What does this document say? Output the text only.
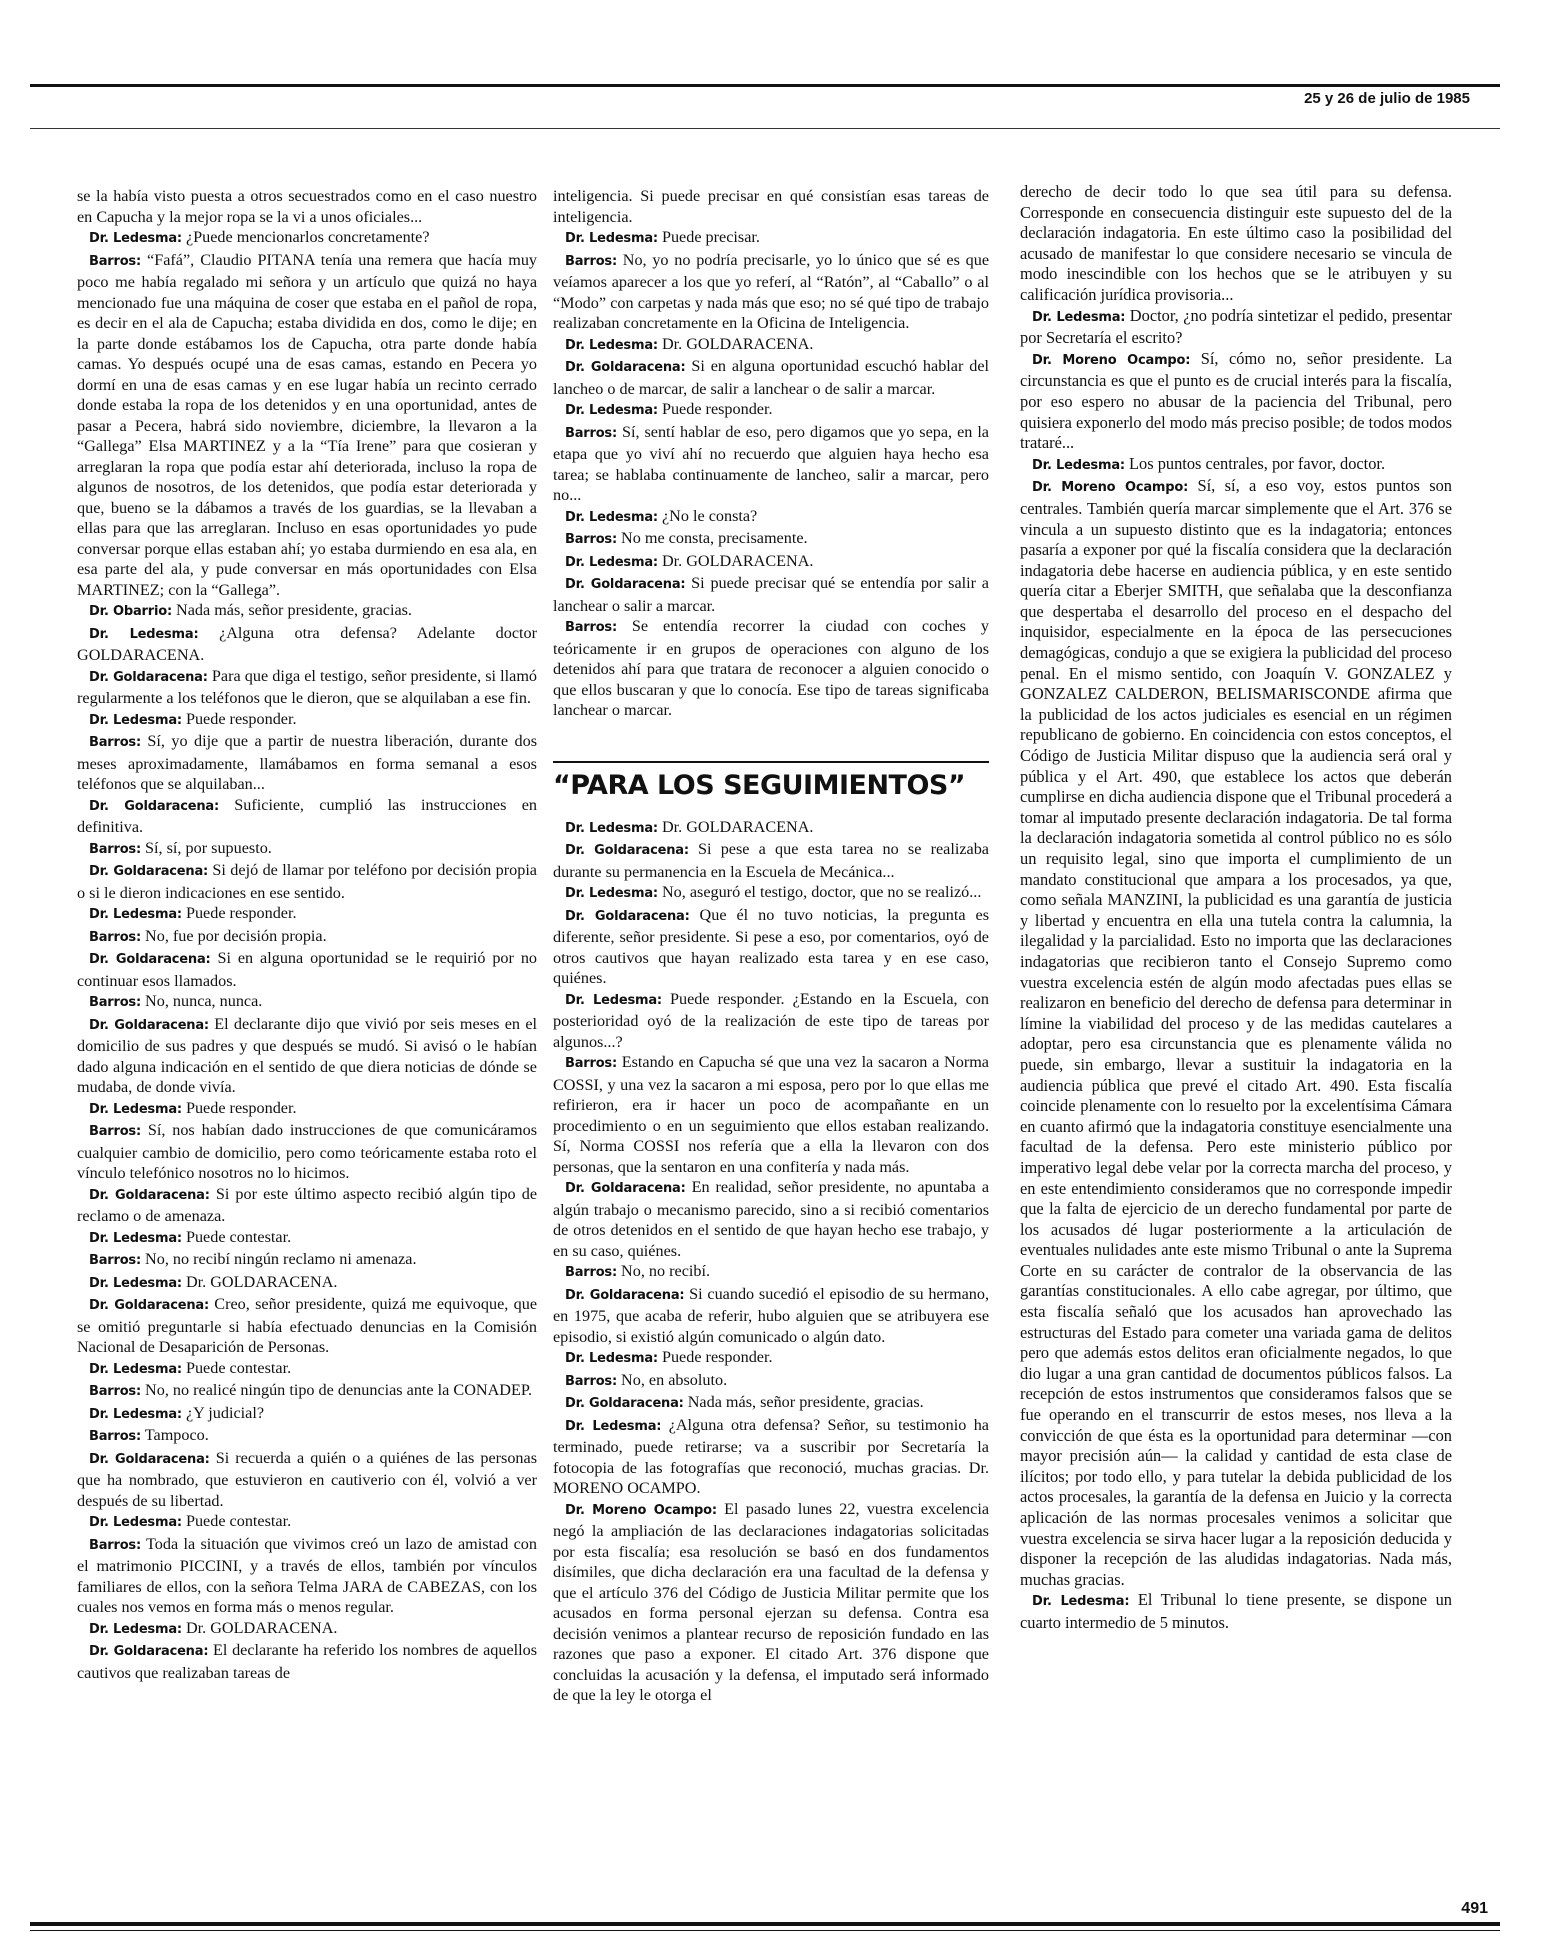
25 y 26 de julio de 1985

se la había visto puesta a otros secuestrados como en el caso nuestro en Capucha y la mejor ropa se la vi a unos oficiales...

Dr. Ledesma: ¿Puede mencionarlos concretamente?

Barros: “Fafá”, Claudio PITANA tenía una remera que hacía muy poco me había regalado mi señora y un artículo que quizá no haya mencionado fue una máquina de coser que estaba en el pañol de ropa, es decir en el ala de Capucha; estaba dividida en dos, como le dije; en la parte donde estábamos los de Capucha, otra parte donde había camas. Yo después ocupé una de esas camas, estando en Pecera yo dormí en una de esas camas y en ese lugar había un recinto cerrado donde estaba la ropa de los detenidos y en una oportunidad, antes de pasar a Pecera, habrá sido noviembre, diciembre, la llevaron a la “Gallega” Elsa MARTINEZ y a la “Tía Irene” para que cosieran y arreglaran la ropa que podía estar ahí deteriorada, incluso la ropa de algunos de nosotros, de los detenidos, que podía estar deteriorada y que, bueno se la dábamos a través de los guardias, se la llevaban a ellas para que las arreglaran. Incluso en esas oportunidades yo pude conversar porque ellas estaban ahí; yo estaba durmiendo en esa ala, en esa parte del ala, y pude conversar en más oportunidades con Elsa MARTINEZ; con la “Gallega”.

Dr. Obarrio: Nada más, señor presidente, gracias.

Dr. Ledesma: ¿Alguna otra defensa? Adelante doctor GOLDARACENA.

Dr. Goldaracena: Para que diga el testigo, señor presidente, si llamó regularmente a los teléfonos que le dieron, que se alquilaban a ese fin.

Dr. Ledesma: Puede responder.

Barros: Sí, yo dije que a partir de nuestra liberación, durante dos meses aproximadamente, llamábamos en forma semanal a esos teléfonos que se alquilaban...

Dr. Goldaracena: Suficiente, cumplió las instrucciones en definitiva.

Barros: Sí, sí, por supuesto.

Dr. Goldaracena: Si dejó de llamar por teléfono por decisión propia o si le dieron indicaciones en ese sentido.

Dr. Ledesma: Puede responder.

Barros: No, fue por decisión propia.

Dr. Goldaracena: Si en alguna oportunidad se le requirió por no continuar esos llamados.

Barros: No, nunca, nunca.

Dr. Goldaracena: El declarante dijo que vivió por seis meses en el domicilio de sus padres y que después se mudó. Si avisó o le habían dado alguna indicación en el sentido de que diera noticias de dónde se mudaba, de donde vivía.

Dr. Ledesma: Puede responder.

Barros: Sí, nos habían dado instrucciones de que comunicáramos cualquier cambio de domicilio, pero como teóricamente estaba roto el vínculo telefónico nosotros no lo hicimos.

Dr. Goldaracena: Si por este último aspecto recibió algún tipo de reclamo o de amenaza.

Dr. Ledesma: Puede contestar.

Barros: No, no recibí ningún reclamo ni amenaza.

Dr. Ledesma: Dr. GOLDARACENA.

Dr. Goldaracena: Creo, señor presidente, quizá me equivoque, que se omitió preguntarle si había efectuado denuncias en la Comisión Nacional de Desaparición de Personas.

Dr. Ledesma: Puede contestar.

Barros: No, no realicé ningún tipo de denuncias ante la CONADEP.

Dr. Ledesma: ¿Y judicial?

Barros: Tampoco.

Dr. Goldaracena: Si recuerda a quién o a quiénes de las personas que ha nombrado, que estuvieron en cautiverio con él, volvió a ver después de su libertad.

Dr. Ledesma: Puede contestar.

Barros: Toda la situación que vivimos creó un lazo de amistad con el matrimonio PICCINI, y a través de ellos, también por vínculos familiares de ellos, con la señora Telma JARA de CABEZAS, con los cuales nos vemos en forma más o menos regular.

Dr. Ledesma: Dr. GOLDARACENA.

Dr. Goldaracena: El declarante ha referido los nombres de aquellos cautivos que realizaban tareas de

inteligencia. Si puede precisar en qué consistían esas tareas de inteligencia.

Dr. Ledesma: Puede precisar.

Barros: No, yo no podría precisarle, yo lo único que sé es que veíamos aparecer a los que yo referí, al “Ratón”, al “Caballo” o al “Modo” con carpetas y nada más que eso; no sé qué tipo de trabajo realizaban concretamente en la Oficina de Inteligencia.

Dr. Ledesma: Dr. GOLDARACENA.

Dr. Goldaracena: Si en alguna oportunidad escuchó hablar del lancheo o de marcar, de salir a lanchear o de salir a marcar.

Dr. Ledesma: Puede responder.

Barros: Sí, sentí hablar de eso, pero digamos que yo sepa, en la etapa que yo viví ahí no recuerdo que alguien haya hecho esa tarea; se hablaba continuamente de lancheo, salir a marcar, pero no...

Dr. Ledesma: ¿No le consta?

Barros: No me consta, precisamente.

Dr. Ledesma: Dr. GOLDARACENA.

Dr. Goldaracena: Si puede precisar qué se entendía por salir a lanchear o salir a marcar.

Barros: Se entendía recorrer la ciudad con coches y teóricamente ir en grupos de operaciones con alguno de los detenidos ahí para que tratara de reconocer a alguien conocido o que ellos buscaran y que lo conocía. Ese tipo de tareas significaba lanchear o marcar.

“PARA LOS SEGUIMIENTOS”

Dr. Ledesma: Dr. GOLDARACENA.

Dr. Goldaracena: Si pese a que esta tarea no se realizaba durante su permanencia en la Escuela de Mecánica...

Dr. Ledesma: No, aseguró el testigo, doctor, que no se realizó...

Dr. Goldaracena: Que él no tuvo noticias, la pregunta es diferente, señor presidente. Si pese a eso, por comentarios, oyó de otros cautivos que hayan realizado esta tarea y en ese caso, quiénes.

Dr. Ledesma: Puede responder. ¿Estando en la Escuela, con posterioridad oyó de la realización de este tipo de tareas por algunos...?

Barros: Estando en Capucha sé que una vez la sacaron a Norma COSSI, y una vez la sacaron a mi esposa, pero por lo que ellas me refirieron, era ir hacer un poco de acompañante en un procedimiento o en un seguimiento que ellos estaban realizando. Sí, Norma COSSI nos refería que a ella la llevaron con dos personas, que la sentaron en una confitería y nada más.

Dr. Goldaracena: En realidad, señor presidente, no apuntaba a algún trabajo o mecanismo parecido, sino a si recibió comentarios de otros detenidos en el sentido de que hayan hecho ese trabajo, y en su caso, quiénes.

Barros: No, no recibí.

Dr. Goldaracena: Si cuando sucedió el episodio de su hermano, en 1975, que acaba de referir, hubo alguien que se atribuyera ese episodio, si existió algún comunicado o algún dato.

Dr. Ledesma: Puede responder.

Barros: No, en absoluto.

Dr. Goldaracena: Nada más, señor presidente, gracias.

Dr. Ledesma: ¿Alguna otra defensa? Señor, su testimonio ha terminado, puede retirarse; va a suscribir por Secretaría la fotocopia de las fotografías que reconoció, muchas gracias. Dr. MORENO OCAMPO.

Dr. Moreno Ocampo: El pasado lunes 22, vuestra excelencia negó la ampliación de las declaraciones indagatorias solicitadas por esta fiscalía; esa resolución se basó en dos fundamentos disímiles, que dicha declaración era una facultad de la defensa y que el artículo 376 del Código de Justicia Militar permite que los acusados en forma personal ejerzan su defensa. Contra esa decisión venimos a plantear recurso de reposición fundado en las razones que paso a exponer. El citado Art. 376 dispone que concluidas la acusación y la defensa, el imputado será informado de que la ley le otorga el

derecho de decir todo lo que sea útil para su defensa. Corresponde en consecuencia distinguir este supuesto del de la declaración indagatoria. En este último caso la posibilidad del acusado de manifestar lo que considere necesario se vincula de modo inescindible con los hechos que se le atribuyen y su calificación jurídica provisoria...

Dr. Ledesma: Doctor, ¿no podría sintetizar el pedido, presentar por Secretaría el escrito?

Dr. Moreno Ocampo: Sí, cómo no, señor presidente. La circunstancia es que el punto es de crucial interés para la fiscalía, por eso espero no abusar de la paciencia del Tribunal, pero quisiera exponerlo del modo más preciso posible; de todos modos trataré...

Dr. Ledesma: Los puntos centrales, por favor, doctor.

Dr. Moreno Ocampo: Sí, sí, a eso voy, estos puntos son centrales. También quería marcar simplemente que el Art. 376 se vincula a un supuesto distinto que es la indagatoria; entonces pasaría a exponer por qué la fiscalía considera que la declaración indagatoria debe hacerse en audiencia pública, y en este sentido quería citar a Eberjer SMITH, que señalaba que la desconfianza que despertaba el desarrollo del proceso en el despacho del inquisidor, especialmente en la época de las persecuciones demagógicas, condujo a que se exigiera la publicidad del proceso penal. En el mismo sentido, con Joaquín V. GONZALEZ y GONZALEZ CALDERON, BELISMARISCONDE afirma que la publicidad de los actos judiciales es esencial en un régimen republicano de gobierno. En coincidencia con estos conceptos, el Código de Justicia Militar dispuso que la audiencia será oral y pública y el Art. 490, que establece los actos que deberán cumplirse en dicha audiencia dispone que el Tribunal procederá a tomar al imputado presente declaración indagatoria. De tal forma la declaración indagatoria sometida al control público no es sólo un requisito legal, sino que importa el cumplimiento de un mandato constitucional que ampara a los procesados, ya que, como señala MANZINI, la publicidad es una garantía de justicia y libertad y encuentra en ella una tutela contra la calumnia, la ilegalidad y la parcialidad. Esto no importa que las declaraciones indagatorias que recibieron tanto el Consejo Supremo como vuestra excelencia estén de algún modo afectadas pues ellas se realizaron en beneficio del derecho de defensa para determinar in límine la viabilidad del proceso y de las medidas cautelares a adoptar, pero esa circunstancia que es plenamente válida no puede, sin embargo, llevar a sustituir la indagatoria en la audiencia pública que prevé el citado Art. 490. Esta fiscalía coincide plenamente con lo resuelto por la excelentísima Cámara en cuanto afirmó que la indagatoria constituye esencialmente una facultad de la defensa. Pero este ministerio público por imperativo legal debe velar por la correcta marcha del proceso, y en este entendimiento consideramos que no corresponde impedir que la falta de ejercicio de un derecho fundamental por parte de los acusados dé lugar posteriormente a la articulación de eventuales nulidades ante este mismo Tribunal o ante la Suprema Corte en su carácter de contralor de la observancia de las garantías constitucionales. A ello cabe agregar, por último, que esta fiscalía señaló que los acusados han aprovechado las estructuras del Estado para cometer una variada gama de delitos pero que además estos delitos eran oficialmente negados, lo que dio lugar a una gran cantidad de documentos públicos falsos. La recepción de estos instrumentos que consideramos falsos que se fue operando en el transcurrir de estos meses, nos lleva a la convicción de que ésta es la oportunidad para determinar —con mayor precisión aún— la calidad y cantidad de esta clase de ilícitos; por todo ello, y para tutelar la debida publicidad de los actos procesales, la garantía de la defensa en Juicio y la correcta aplicación de las normas procesales venimos a solicitar que vuestra excelencia se sirva hacer lugar a la reposición deducida y disponer la recepción de las aludidas indagatorias. Nada más, muchas gracias.

Dr. Ledesma: El Tribunal lo tiene presente, se dispone un cuarto intermedio de 5 minutos.

491
